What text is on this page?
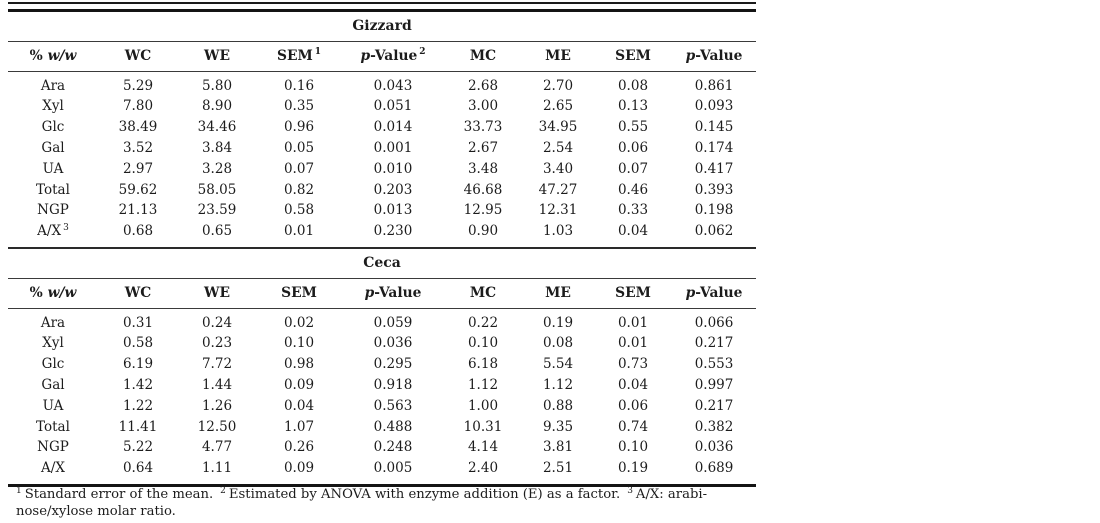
Gizzard								
% w/w	WC	WE	SEM $^1$	p-Value $^2$	MC	ME	SEM	p-Value
Ara	5.29	5.80	0.16	0.043	2.68	2.70	0.08	0.861
Xyl	7.80	8.90	0.35	0.051	3.00	2.65	0.13	0.093
Glc	38.49	34.46	0.96	0.014	33.73	34.95	0.55	0.145
Gal	3.52	3.84	0.05	0.001	2.67	2.54	0.06	0.174
UA	2.97	3.28	0.07	0.010	3.48	3.40	0.07	0.417
Total	59.62	58.05	0.82	0.203	46.68	47.27	0.46	0.393
NGP	21.13	23.59	0.58	0.013	12.95	12.31	0.33	0.198
A/X $^3$	0.68	0.65	0.01	0.230	0.90	1.03	0.04	0.062
Ceca								
% w/w	WC	WE	SEM	p-Value	MC	ME	SEM	p-Value
Ara	0.31	0.24	0.02	0.059	0.22	0.19	0.01	0.066
Xyl	0.58	0.23	0.10	0.036	0.10	0.08	0.01	0.217
Glc	6.19	7.72	0.98	0.295	6.18	5.54	0.73	0.553
Gal	1.42	1.44	0.09	0.918	1.12	1.12	0.04	0.997
UA	1.22	1.26	0.04	0.563	1.00	0.88	0.06	0.217
Total	11.41	12.50	1.07	0.488	10.31	9.35	0.74	0.382
NGP	5.22	4.77	0.26	0.248	4.14	3.81	0.10	0.036
A/X	0.64	1.11	0.09	0.005	2.40	2.51	0.19	0.689
$^1$ Standard error of the mean. $^2$ Estimated by ANOVA with enzyme addition (E) as a factor. $^3$ A/X: arabi-
nose/xylose molar ratio.
